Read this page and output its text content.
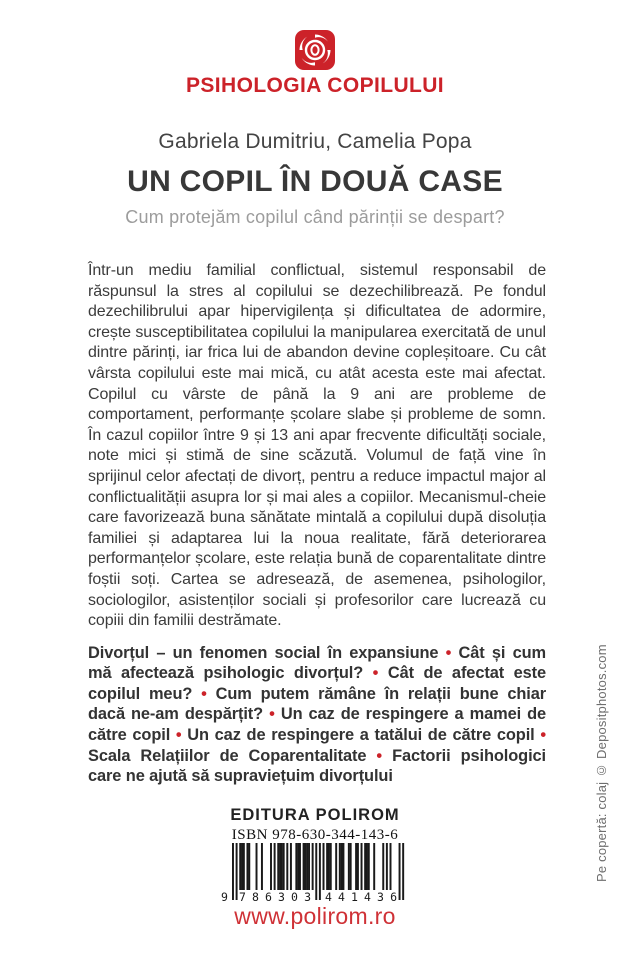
PSIHOLOGIA COPILULUI
Gabriela Dumitriu, Camelia Popa
UN COPIL ÎN DOUĂ CASE
Cum protejăm copilul când părinții se despart?

Într-un mediu familial conflictual, sistemul responsabil de răspunsul la stres al copilului se dezechilibrează. Pe fondul dezechilibrului apar hipervigilența și dificultatea de adormire, crește susceptibilitatea copilului la manipularea exercitată de unul dintre părinți, iar frica lui de abandon devine copleșitoare. Cu cât vârsta copilului este mai mică, cu atât acesta este mai afectat. Copilul cu vârste de până la 9 ani are probleme de comportament, performanțe școlare slabe și probleme de somn. În cazul copiilor între 9 și 13 ani apar frecvente dificultăți sociale, note mici și stimă de sine scăzută. Volumul de față vine în sprijinul celor afectați de divorț, pentru a reduce impactul major al conflictualității asupra lor și mai ales a copiilor. Mecanismul-cheie care favorizează buna sănătate mintală a copilului după disoluția familiei și adaptarea lui la noua realitate, fără deteriorarea performanțelor școlare, este relația bună de coparentalitate dintre foștii soți. Cartea se adresează, de asemenea, psihologilor, sociologilor, asistenților sociali și profesorilor care lucrează cu copiii din familii destrămate.

Divorțul – un fenomen social în expansiune • Cât și cum mă afectează psihologic divorțul? • Cât de afectat este copilul meu? • Cum putem rămâne în relații bune chiar dacă ne-am despărțit? • Un caz de respingere a mamei de către copil • Un caz de respingere a tatălui de către copil • Scala Relațiilor de Coparentalitate • Factorii psihologici care ne ajută să supraviețuim divorțului

EDITURA POLIROM
ISBN 978-630-344-143-6
9 786303 441436
www.polirom.ro
Pe copertă: colaj © Depositphotos.com
